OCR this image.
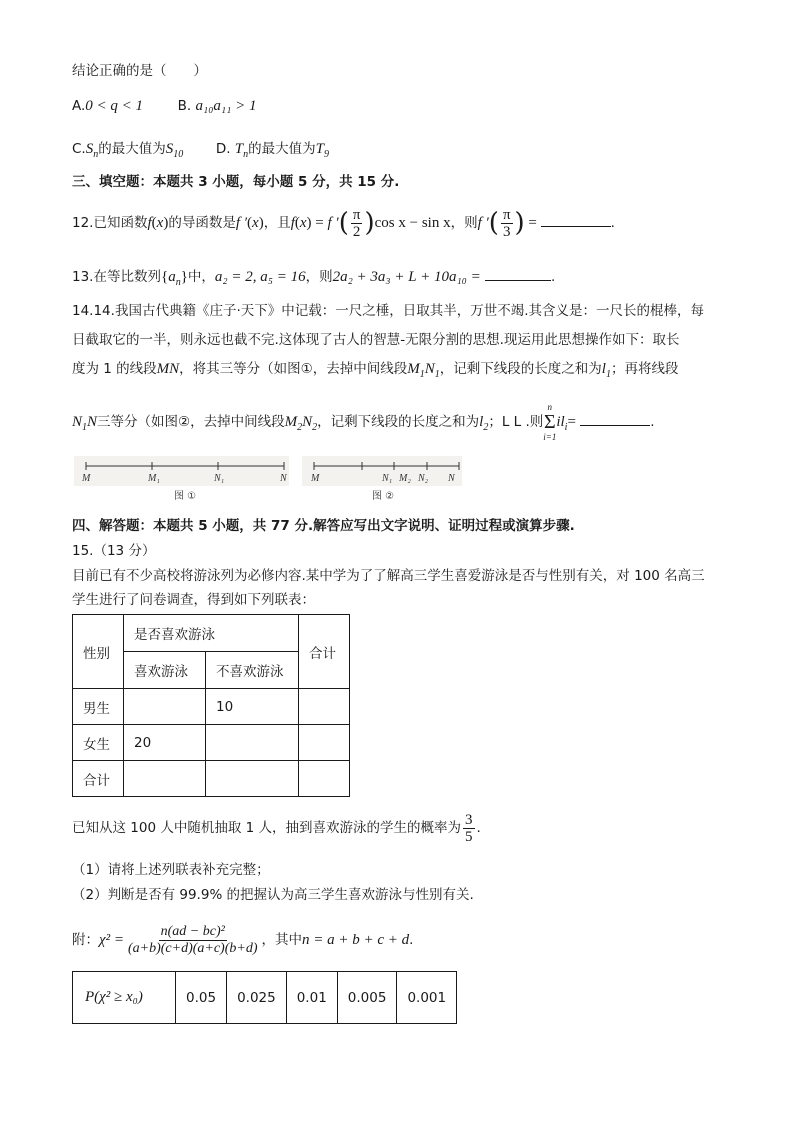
结论正确的是（　　）
A.0 < q < 1	B. a₁₀a₁₁ > 1
$C.S_n$的最大值为$S_{10}$ D. $T_n$的最大值为$T_9$
三、填空题：本题共 3 小题，每小题 5 分，共 15 分.
12.已知函数f(x)的导函数是f ′(x)，且f(x) = f ′( $\frac{\pi}{2} )\cos$ x − sin x，则f ′( $\frac{\pi}{3}$ ) =	.
13.在等比数列$\{a_n\}$中，a₂ = 2, a₅ = 16，则2a₂ + 3a₃ + L + 10a₁₀ =	.
14.14.我国古代典籍《庄子·天下》中记载：一尺之棰，日取其半，万世不竭.其含义是：一尺长的棍棒，每
日截取它的一半，则永远也截不完.这体现了古人的智慧-无限分割的思想.现运用此思想操作如下：取长
度为 1 的线段MN，将其三等分（如图①，去掉中间线段$M_1N_1$，记剩下线段的长度之和为$l_1$；再将线段
$N_1N$三等分（如图②，去掉中间线段$M_2N_2$，记剩下线段的长度之和为$l_2$；L L .则
n
Σ
i=1
$il_i=$	.
M	M₁	N₁	N
图 ①
M	N₁ M₂ N₂ N
图 ②
四、解答题：本题共 5 小题，共 77 分.解答应写出文字说明、证明过程或演算步骤.
15.（13 分）
目前已有不少高校将游泳列为必修内容.某中学为了了解高三学生喜爱游泳是否与性别有关，对 100 名高三
学生进行了问卷调查，得到如下列联表：
性别	是否喜欢游泳		合计
	喜欢游泳	不喜欢游泳	
男生		10	
女生	20		
合计			
已知从这 100 人中随机抽取 1 人，抽到喜欢游泳的学生的概率为 $\frac{3}{5}$ .
（1）请将上述列联表补充完整；
（2）判断是否有 99.9% 的把握认为高三学生喜欢游泳与性别有关.
附：$\chi^2 = \frac{\text{n(ad − bc)²}}{(a+b)(c+d)(a+c)(b+d)}$ ，其中n = a + b + c + d.
P(χ² ≥ x₀)	0.05	0.025	0.01	0.005	0.001
